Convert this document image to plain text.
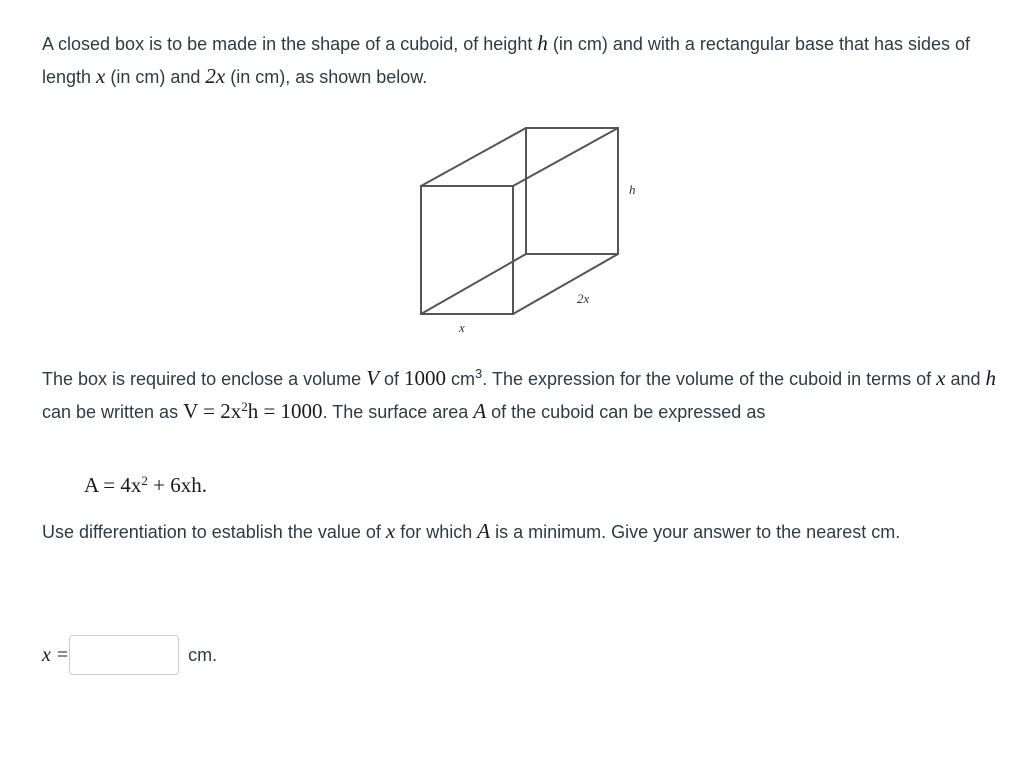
A closed box is to be made in the shape of a cuboid, of height h (in cm) and with a rectangular base that has sides of length x (in cm) and 2x (in cm), as shown below.

h
2x
x

The box is required to enclose a volume V of 1000 $cm^3$. The expression for the volume of the cuboid in terms of x and h can be written as $V = 2x^2h = 1000$. The surface area A of the cuboid can be expressed as

$A = 4x^2 + 6xh$.

Use differentiation to establish the value of x for which A is a minimum. Give your answer to the nearest cm.

x =	cm.
